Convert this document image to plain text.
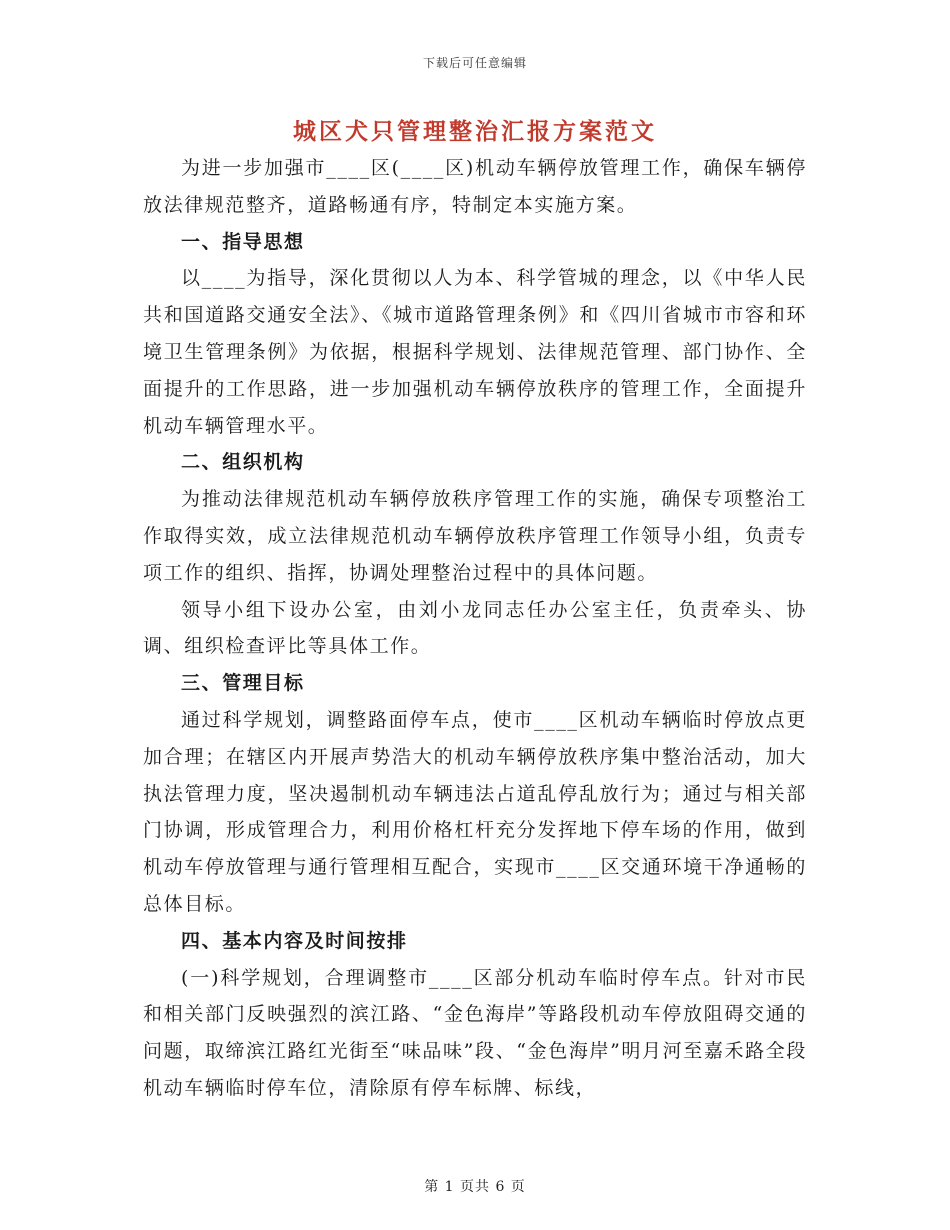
下载后可任意编辑
城区犬只管理整治汇报方案范文

为进一步加强市____区(____区)机动车辆停放管理工作，确保车辆停放法律规范整齐，道路畅通有序，特制定本实施方案。

一、指导思想

以____为指导，深化贯彻以人为本、科学管城的理念，以《中华人民共和国道路交通安全法》、《城市道路管理条例》和《四川省城市市容和环境卫生管理条例》为依据，根据科学规划、法律规范管理、部门协作、全面提升的工作思路，进一步加强机动车辆停放秩序的管理工作，全面提升机动车辆管理水平。

二、组织机构

为推动法律规范机动车辆停放秩序管理工作的实施，确保专项整治工作取得实效，成立法律规范机动车辆停放秩序管理工作领导小组，负责专项工作的组织、指挥，协调处理整治过程中的具体问题。

领导小组下设办公室，由刘小龙同志任办公室主任，负责牵头、协调、组织检查评比等具体工作。

三、管理目标

通过科学规划，调整路面停车点，使市____区机动车辆临时停放点更加合理；在辖区内开展声势浩大的机动车辆停放秩序集中整治活动，加大执法管理力度，坚决遏制机动车辆违法占道乱停乱放行为；通过与相关部门协调，形成管理合力，利用价格杠杆充分发挥地下停车场的作用，做到机动车停放管理与通行管理相互配合，实现市____区交通环境干净通畅的总体目标。

四、基本内容及时间按排

(一)科学规划，合理调整市____区部分机动车临时停车点。针对市民和相关部门反映强烈的滨江路、“金色海岸”等路段机动车停放阻碍交通的问题，取缔滨江路红光街至“味品味”段、“金色海岸”明月河至嘉禾路全段机动车辆临时停车位，清除原有停车标牌、标线，

第 1 页共 6 页
